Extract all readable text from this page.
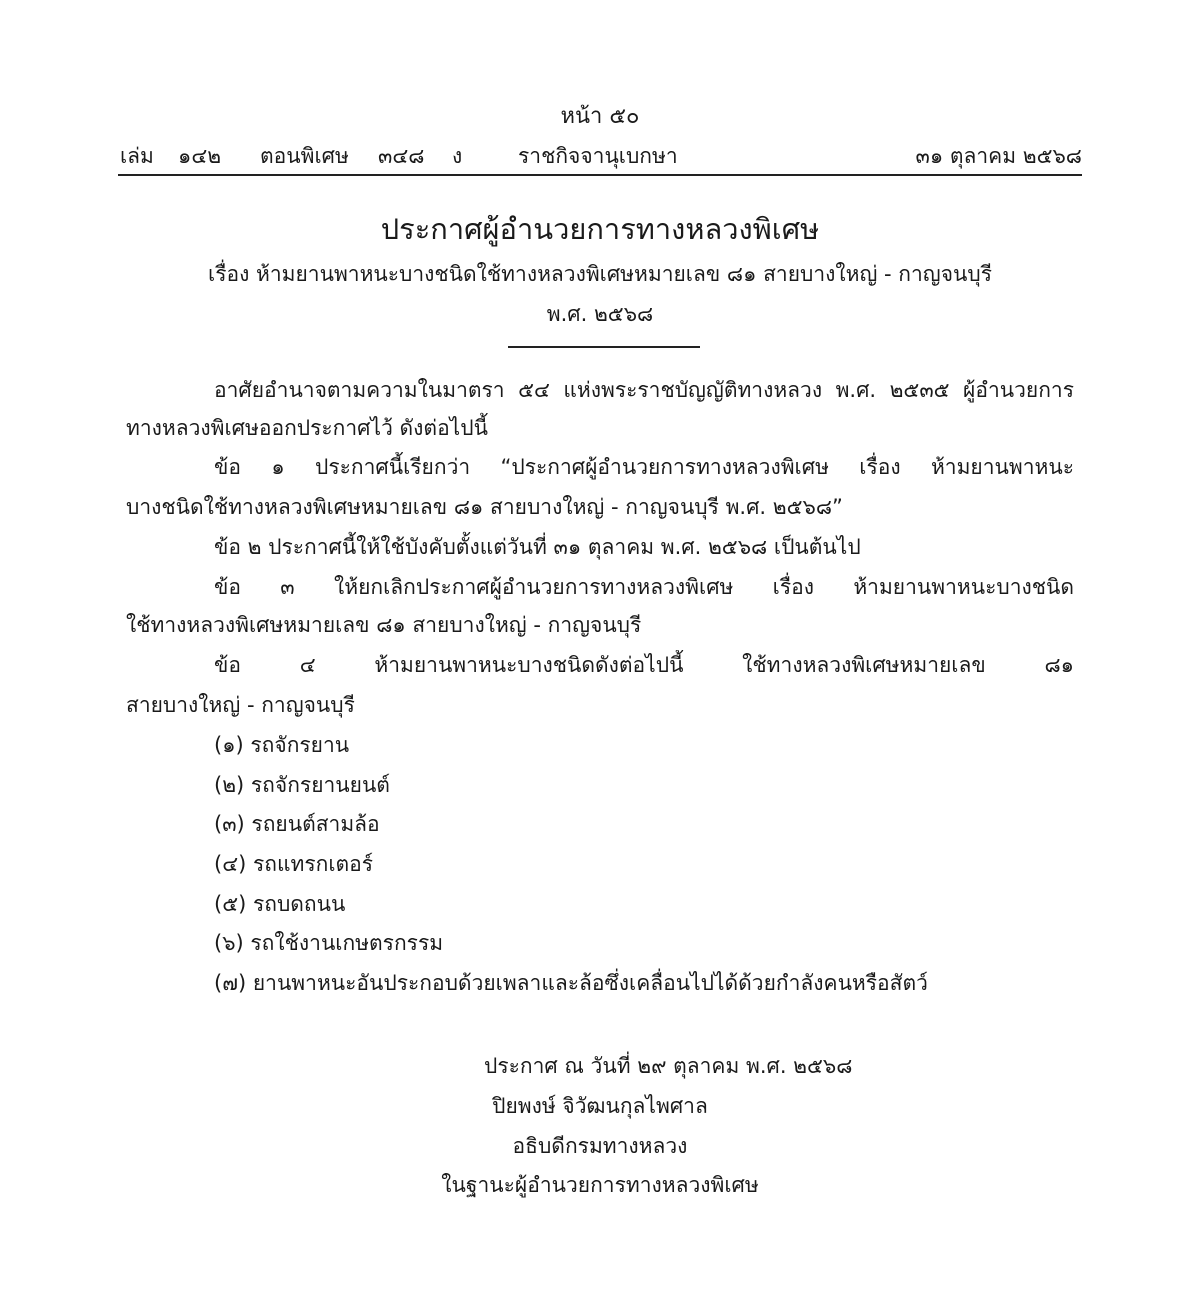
หน้า ๕๐
เล่ม ๑๔๒ ตอนพิเศษ ๓๔๘ ง	ราชกิจจานุเบกษา	๓๑ ตุลาคม ๒๕๖๘
ประกาศผู้อำนวยการทางหลวงพิเศษ
เรื่อง ห้ามยานพาหนะบางชนิดใช้ทางหลวงพิเศษหมายเลข ๘๑ สายบางใหญ่ - กาญจนบุรี
พ.ศ. ๒๕๖๘
อาศัยอำนาจตามความในมาตรา ๕๔ แห่งพระราชบัญญัติทางหลวง พ.ศ. ๒๕๓๕ ผู้อำนวยการ
ทางหลวงพิเศษออกประกาศไว้ ดังต่อไปนี้
ข้อ ๑ ประกาศนี้เรียกว่า “ประกาศผู้อำนวยการทางหลวงพิเศษ เรื่อง ห้ามยานพาหนะ
บางชนิดใช้ทางหลวงพิเศษหมายเลข ๘๑ สายบางใหญ่ - กาญจนบุรี พ.ศ. ๒๕๖๘”
ข้อ ๒ ประกาศนี้ให้ใช้บังคับตั้งแต่วันที่ ๓๑ ตุลาคม พ.ศ. ๒๕๖๘ เป็นต้นไป
ข้อ ๓ ให้ยกเลิกประกาศผู้อำนวยการทางหลวงพิเศษ เรื่อง ห้ามยานพาหนะบางชนิด
ใช้ทางหลวงพิเศษหมายเลข ๘๑ สายบางใหญ่ - กาญจนบุรี
ข้อ ๔ ห้ามยานพาหนะบางชนิดดังต่อไปนี้ ใช้ทางหลวงพิเศษหมายเลข ๘๑
สายบางใหญ่ - กาญจนบุรี
(๑) รถจักรยาน
(๒) รถจักรยานยนต์
(๓) รถยนต์สามล้อ
(๔) รถแทรกเตอร์
(๕) รถบดถนน
(๖) รถใช้งานเกษตรกรรม
(๗) ยานพาหนะอันประกอบด้วยเพลาและล้อซึ่งเคลื่อนไปได้ด้วยกำลังคนหรือสัตว์
ประกาศ ณ วันที่ ๒๙ ตุลาคม พ.ศ. ๒๕๖๘
ปิยพงษ์ จิวัฒนกุลไพศาล
อธิบดีกรมทางหลวง
ในฐานะผู้อำนวยการทางหลวงพิเศษ
